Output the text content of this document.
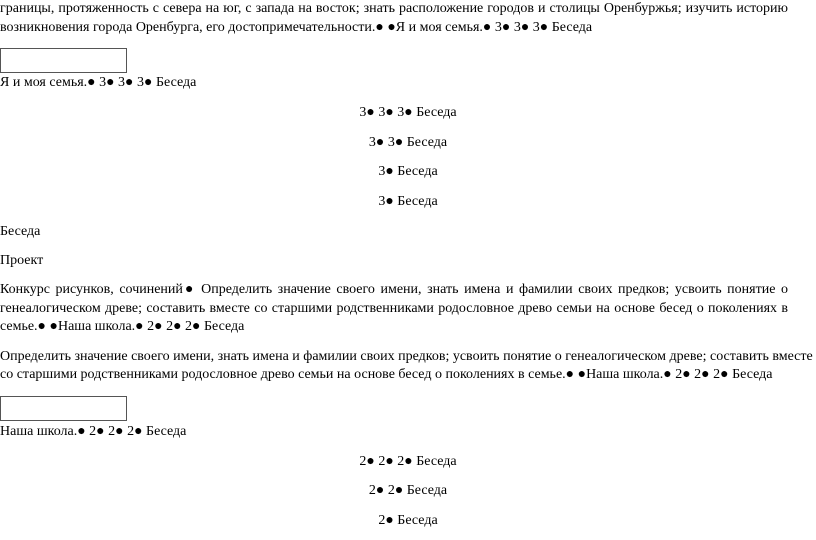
границы, протяженность с севера на юг, с запада на восток; знать расположение городов и столицы Оренбуржья; изучить историю
возникновения города Оренбурга, его достопримечательности.● ●Я и моя семья.● 3● 3● 3● Беседа
Я и моя семья.● 3● 3● 3● Беседа
3● 3● 3● Беседа
3● 3● Беседа
3● Беседа
3● Беседа
Беседа
Проект
Конкурс рисунков, сочинений● Определить значение своего имени, знать имена и фамилии своих предков; усвоить понятие о
генеалогическом древе; составить вместе со старшими родственниками родословное древо семьи на основе бесед о поколениях в
семье.● ●Наша школа.● 2● 2● 2● Беседа
Определить значение своего имени, знать имена и фамилии своих предков; усвоить понятие о генеалогическом древе; составить вместе
со старшими родственниками родословное древо семьи на основе бесед о поколениях в семье.● ●Наша школа.● 2● 2● 2● Беседа
Наша школа.● 2● 2● 2● Беседа
2● 2● 2● Беседа
2● 2● Беседа
2● Беседа
